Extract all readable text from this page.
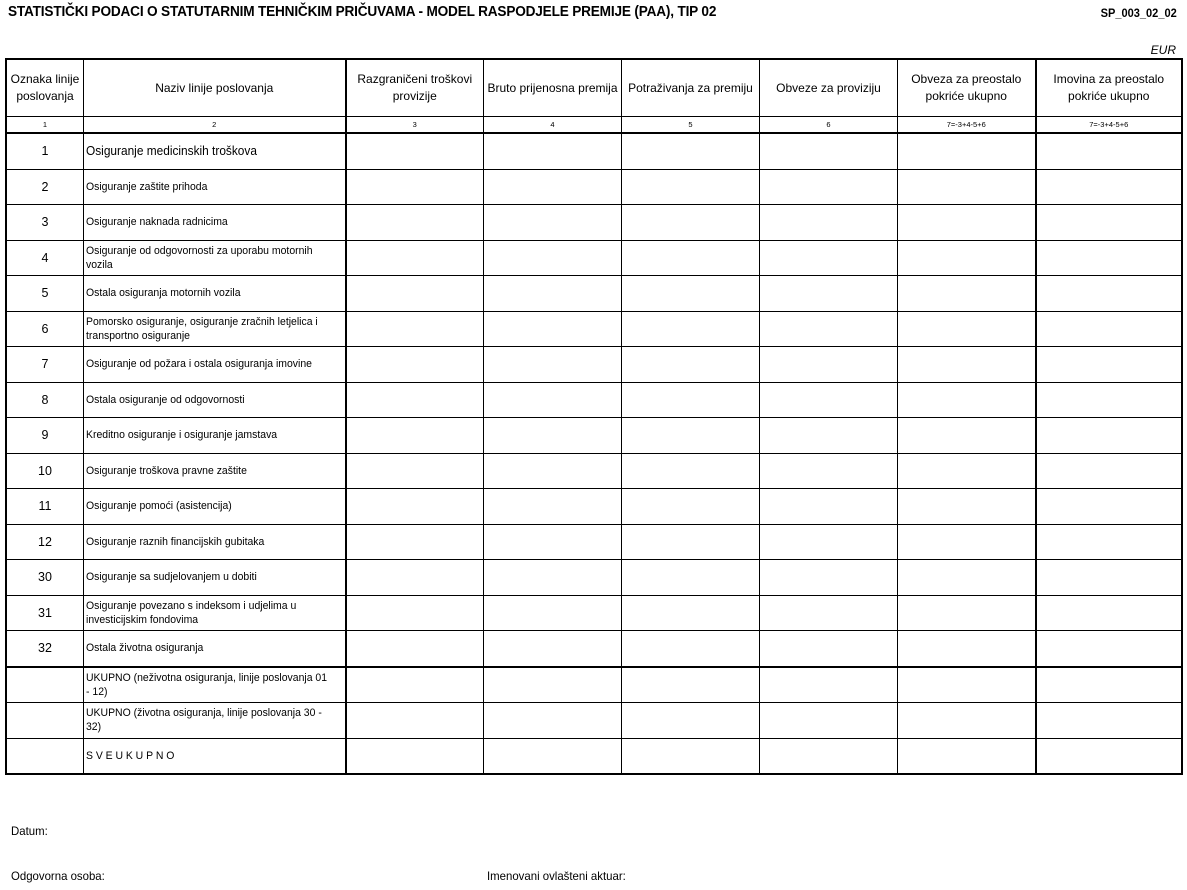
STATISTIČKI PODACI O STATUTARNIM TEHNIČKIM PRIČUVAMA - MODEL RASPODJELE PREMIJE (PAA), TIP 02	SP_003_02_02
EUR
Oznaka linije poslovanja	Naziv linije poslovanja	Razgraničeni troškovi provizije	Bruto prijenosna premija	Potraživanja za premiju	Obveze za proviziju	Obveza za preostalo pokriće ukupno	Imovina za preostalo pokriće ukupno
1	2	3	4	5	6	7=-3+4-5+6	7=-3+4-5+6
1	Osiguranje medicinskih troškova						
2	Osiguranje zaštite prihoda						
3	Osiguranje naknada radnicima						
4	Osiguranje od odgovornosti za uporabu motornih vozila						
5	Ostala osiguranja motornih vozila						
6	Pomorsko osiguranje, osiguranje zračnih letjelica i transportno osiguranje						
7	Osiguranje od požara i ostala osiguranja imovine						
8	Ostala osiguranje od odgovornosti						
9	Kreditno osiguranje i osiguranje jamstava						
10	Osiguranje troškova pravne zaštite						
11	Osiguranje pomoći (asistencija)						
12	Osiguranje raznih financijskih gubitaka						
30	Osiguranje sa sudjelovanjem u dobiti						
31	Osiguranje povezano s indeksom i udjelima u investicijskim fondovima						
32	Ostala životna osiguranja						
	UKUPNO (neživotna osiguranja, linije poslovanja 01 - 12)						
	UKUPNO (životna osiguranja, linije poslovanja 30 - 32)						
	SVEUKUPNO						
Datum:
Odgovorna osoba:	Imenovani ovlašteni aktuar:
